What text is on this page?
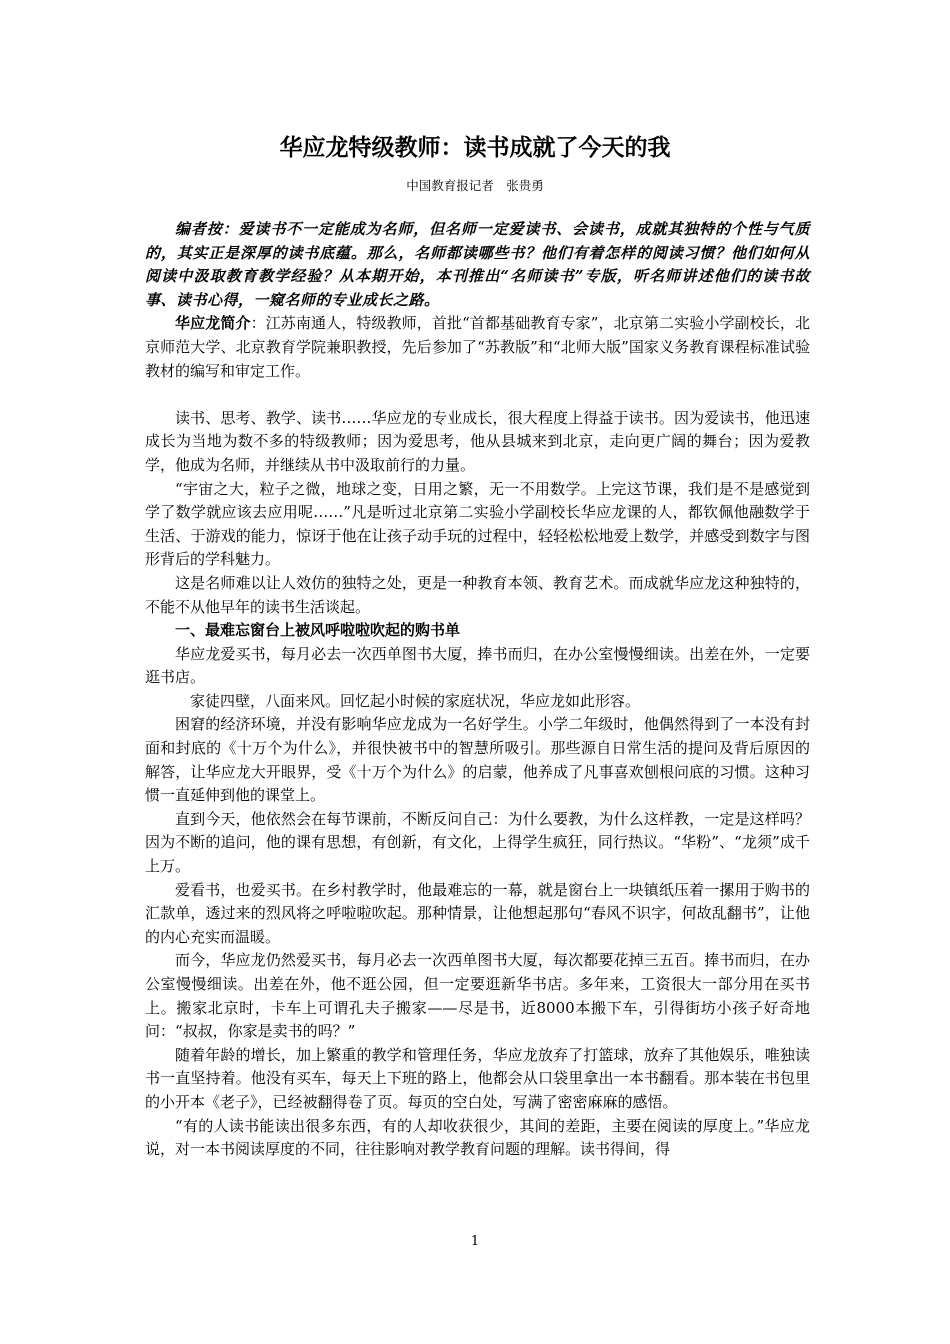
华应龙特级教师：读书成就了今天的我
中国教育报记者　张贵勇

编者按：爱读书不一定能成为名师，但名师一定爱读书、会读书，成就其独特的个性与气质的，其实正是深厚的读书底蕴。那么，名师都读哪些书？他们有着怎样的阅读习惯？他们如何从阅读中汲取教育教学经验？从本期开始，本刊推出“名师读书”专版，听名师讲述他们的读书故事、读书心得，一窥名师的专业成长之路。

华应龙简介：江苏南通人，特级教师，首批“首都基础教育专家”，北京第二实验小学副校长，北京师范大学、北京教育学院兼职教授，先后参加了“苏教版”和“北师大版”国家义务教育课程标准试验教材的编写和审定工作。

读书、思考、教学、读书……华应龙的专业成长，很大程度上得益于读书。因为爱读书，他迅速成长为当地为数不多的特级教师；因为爱思考，他从县城来到北京，走向更广阔的舞台；因为爱教学，他成为名师，并继续从书中汲取前行的力量。

“宇宙之大，粒子之微，地球之变，日用之繁，无一不用数学。上完这节课，我们是不是感觉到学了数学就应该去应用呢……”凡是听过北京第二实验小学副校长华应龙课的人，都钦佩他融数学于生活、于游戏的能力，惊讶于他在让孩子动手玩的过程中，轻轻松松地爱上数学，并感受到数字与图形背后的学科魅力。

这是名师难以让人效仿的独特之处，更是一种教育本领、教育艺术。而成就华应龙这种独特的，不能不从他早年的读书生活谈起。

一、最难忘窗台上被风呼啦啦吹起的购书单

华应龙爱买书，每月必去一次西单图书大厦，捧书而归，在办公室慢慢细读。出差在外，一定要逛书店。

家徒四壁，八面来风。回忆起小时候的家庭状况，华应龙如此形容。

困窘的经济环境，并没有影响华应龙成为一名好学生。小学二年级时，他偶然得到了一本没有封面和封底的《十万个为什么》，并很快被书中的智慧所吸引。那些源自日常生活的提问及背后原因的解答，让华应龙大开眼界，受《十万个为什么》的启蒙，他养成了凡事喜欢刨根问底的习惯。这种习惯一直延伸到他的课堂上。

直到今天，他依然会在每节课前，不断反问自己：为什么要教，为什么这样教，一定是这样吗？因为不断的追问，他的课有思想，有创新，有文化，上得学生疯狂，同行热议。“华粉”、“龙须”成千上万。

爱看书，也爱买书。在乡村教学时，他最难忘的一幕，就是窗台上一块镇纸压着一摞用于购书的汇款单，透过来的烈风将之呼啦啦吹起。那种情景，让他想起那句“春风不识字，何故乱翻书”，让他的内心充实而温暖。

而今，华应龙仍然爱买书，每月必去一次西单图书大厦，每次都要花掉三五百。捧书而归，在办公室慢慢细读。出差在外，他不逛公园，但一定要逛新华书店。多年来，工资很大一部分用在买书上。搬家北京时，卡车上可谓孔夫子搬家——尽是书，近8000本搬下车，引得街坊小孩子好奇地问：“叔叔，你家是卖书的吗？”

随着年龄的增长，加上繁重的教学和管理任务，华应龙放弃了打篮球，放弃了其他娱乐，唯独读书一直坚持着。他没有买车，每天上下班的路上，他都会从口袋里拿出一本书翻看。那本装在书包里的小开本《老子》，已经被翻得卷了页。每页的空白处，写满了密密麻麻的感悟。

“有的人读书能读出很多东西，有的人却收获很少，其间的差距，主要在阅读的厚度上。”华应龙说，对一本书阅读厚度的不同，往往影响对教学教育问题的理解。读书得间，得

1
